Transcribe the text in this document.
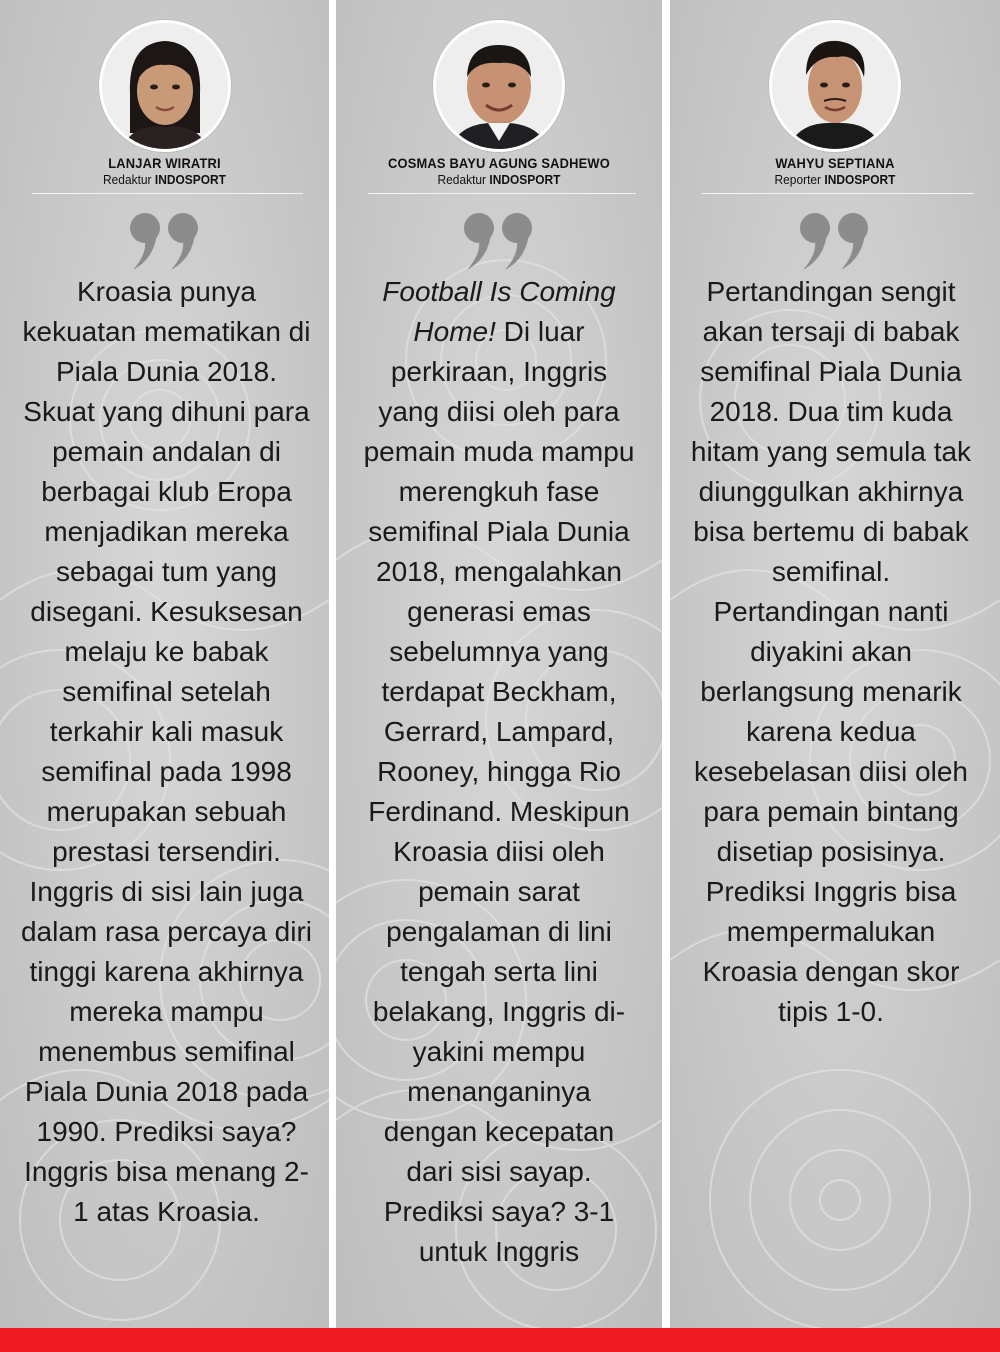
LANJAR WIRATRI
Redaktur INDOSPORT
Kroasia punya kekuatan mematikan di Piala Dunia 2018. Skuat yang dihuni para pemain andalan di berbagai klub Eropa menjadikan mereka sebagai tum yang disegani. Kesuksesan melaju ke babak semifinal setelah terkahir kali masuk semifinal pada 1998 merupakan sebuah prestasi tersendiri. Inggris di sisi lain juga dalam rasa percaya diri tinggi karena akhirnya mereka mampu menembus semifinal Piala Dunia 2018 pada 1990. Prediksi saya? Inggris bisa menang 2-1 atas Kroasia.
COSMAS BAYU AGUNG SADHEWO
Redaktur INDOSPORT
Football Is Coming Home! Di luar perkiraan, Inggris yang diisi oleh para pemain muda mampu merengkuh fase semifinal Piala Dunia 2018, mengalahkan generasi emas sebelumnya yang terdapat Beckham, Gerrard, Lampard, Rooney, hingga Rio Ferdinand. Meskipun Kroasia diisi oleh pemain sarat pengalaman di lini tengah serta lini belakang, Inggris di-yakini mempu menanganinya dengan kecepatan dari sisi sayap. Prediksi saya? 3-1 untuk Inggris
WAHYU SEPTIANA
Reporter INDOSPORT
Pertandingan sengit akan tersaji di babak semifinal Piala Dunia 2018. Dua tim kuda hitam yang semula tak diunggulkan akhirnya bisa bertemu di babak semifinal. Pertandingan nanti diyakini akan berlangsung menarik karena kedua kesebelasan diisi oleh para pemain bintang disetiap posisinya. Prediksi Inggris bisa mempermalukan Kroasia dengan skor tipis 1-0.
